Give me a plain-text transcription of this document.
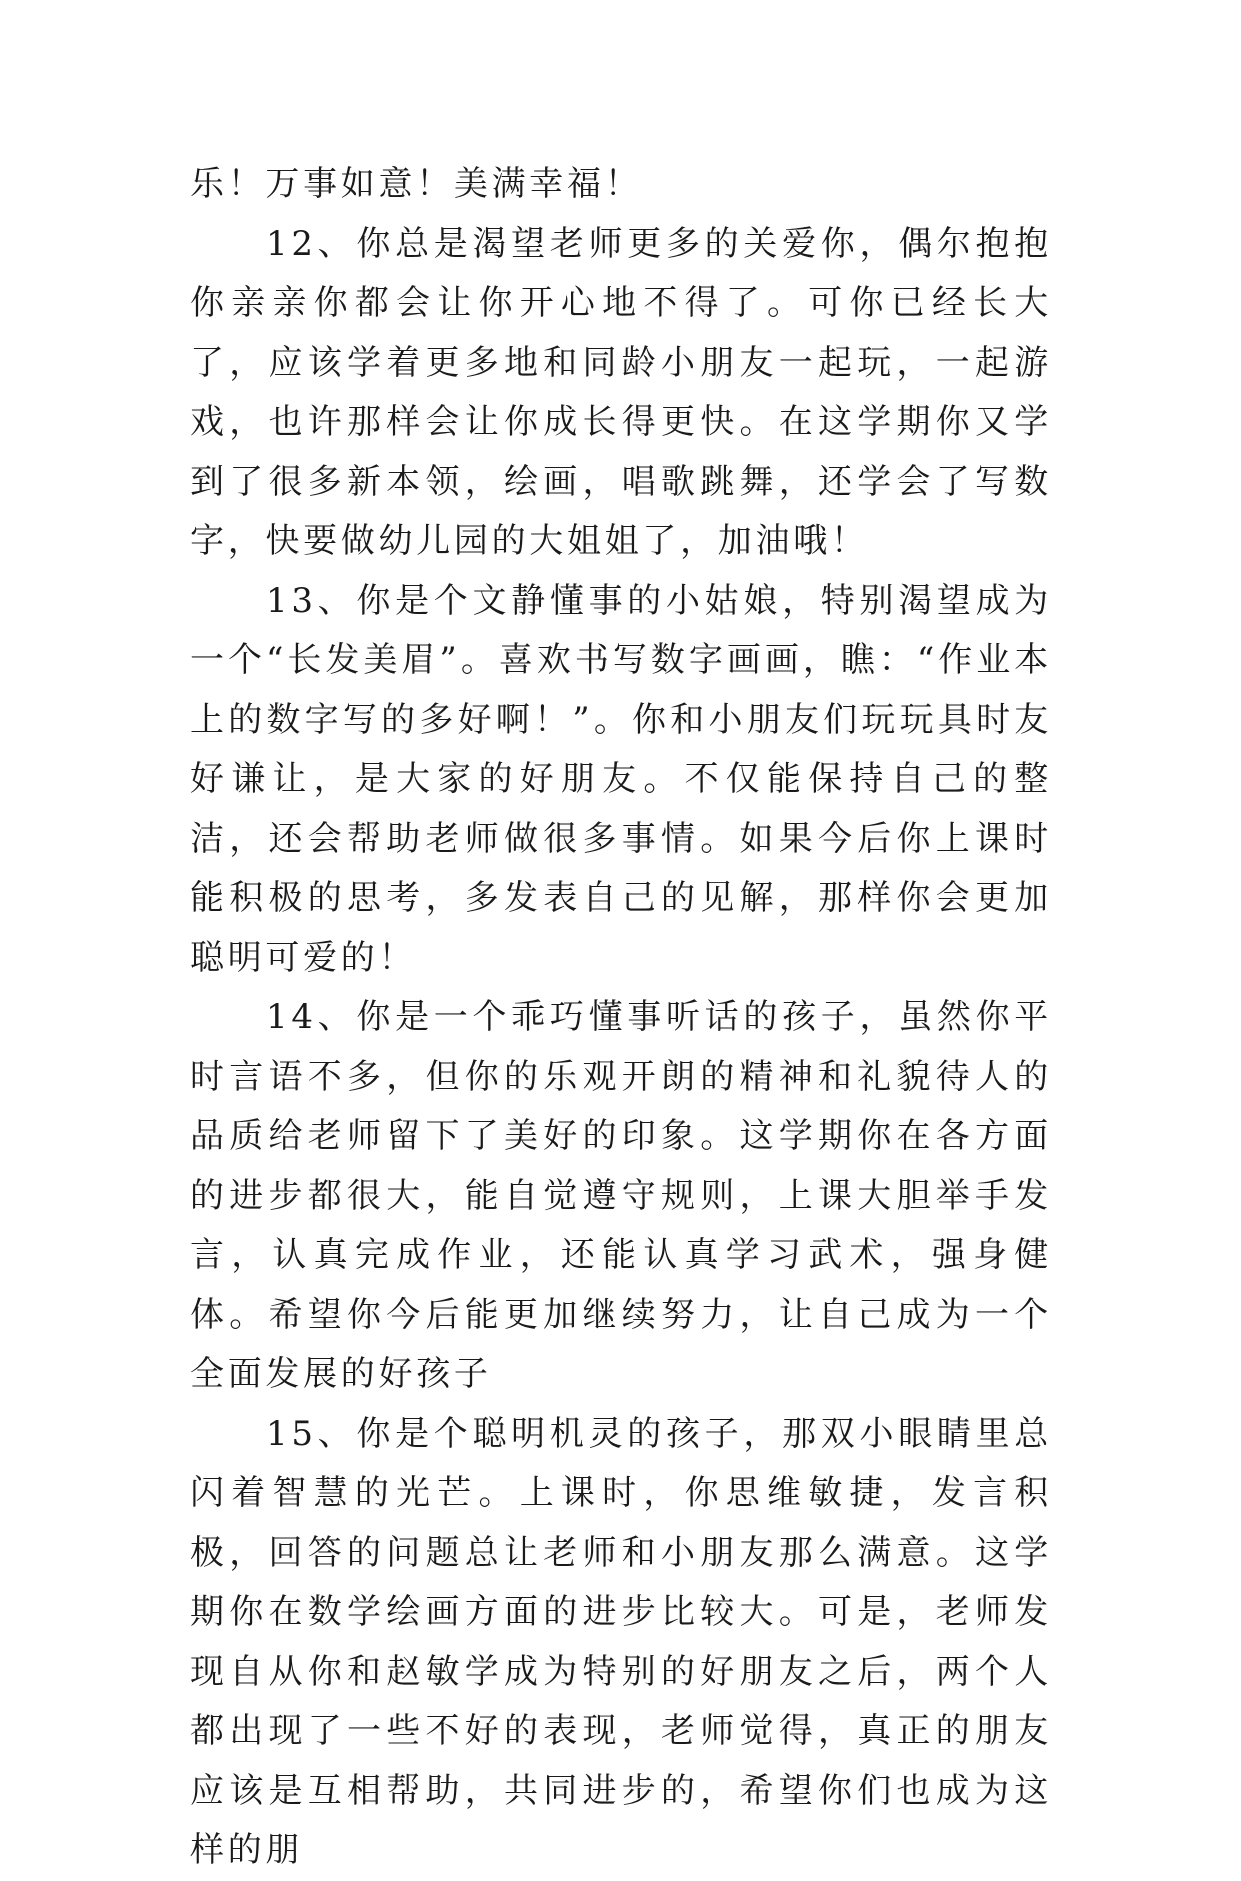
乐！万事如意！美满幸福！

12、你总是渴望老师更多的关爱你，偶尔抱抱你亲亲你都会让你开心地不得了。可你已经长大了，应该学着更多地和同龄小朋友一起玩，一起游戏，也许那样会让你成长得更快。在这学期你又学到了很多新本领，绘画，唱歌跳舞，还学会了写数字，快要做幼儿园的大姐姐了，加油哦！

13、你是个文静懂事的小姑娘，特别渴望成为一个“长发美眉”。喜欢书写数字画画，瞧：“作业本上的数字写的多好啊！”。你和小朋友们玩玩具时友好谦让，是大家的好朋友。不仅能保持自己的整洁，还会帮助老师做很多事情。如果今后你上课时能积极的思考，多发表自己的见解，那样你会更加聪明可爱的！

14、你是一个乖巧懂事听话的孩子，虽然你平时言语不多，但你的乐观开朗的精神和礼貌待人的品质给老师留下了美好的印象。这学期你在各方面的进步都很大，能自觉遵守规则，上课大胆举手发言，认真完成作业，还能认真学习武术，强身健体。希望你今后能更加继续努力，让自己成为一个全面发展的好孩子

15、你是个聪明机灵的孩子，那双小眼睛里总闪着智慧的光芒。上课时，你思维敏捷，发言积极，回答的问题总让老师和小朋友那么满意。这学期你在数学绘画方面的进步比较大。可是，老师发现自从你和赵敏学成为特别的好朋友之后，两个人都出现了一些不好的表现，老师觉得，真正的朋友应该是互相帮助，共同进步的，希望你们也成为这样的朋
